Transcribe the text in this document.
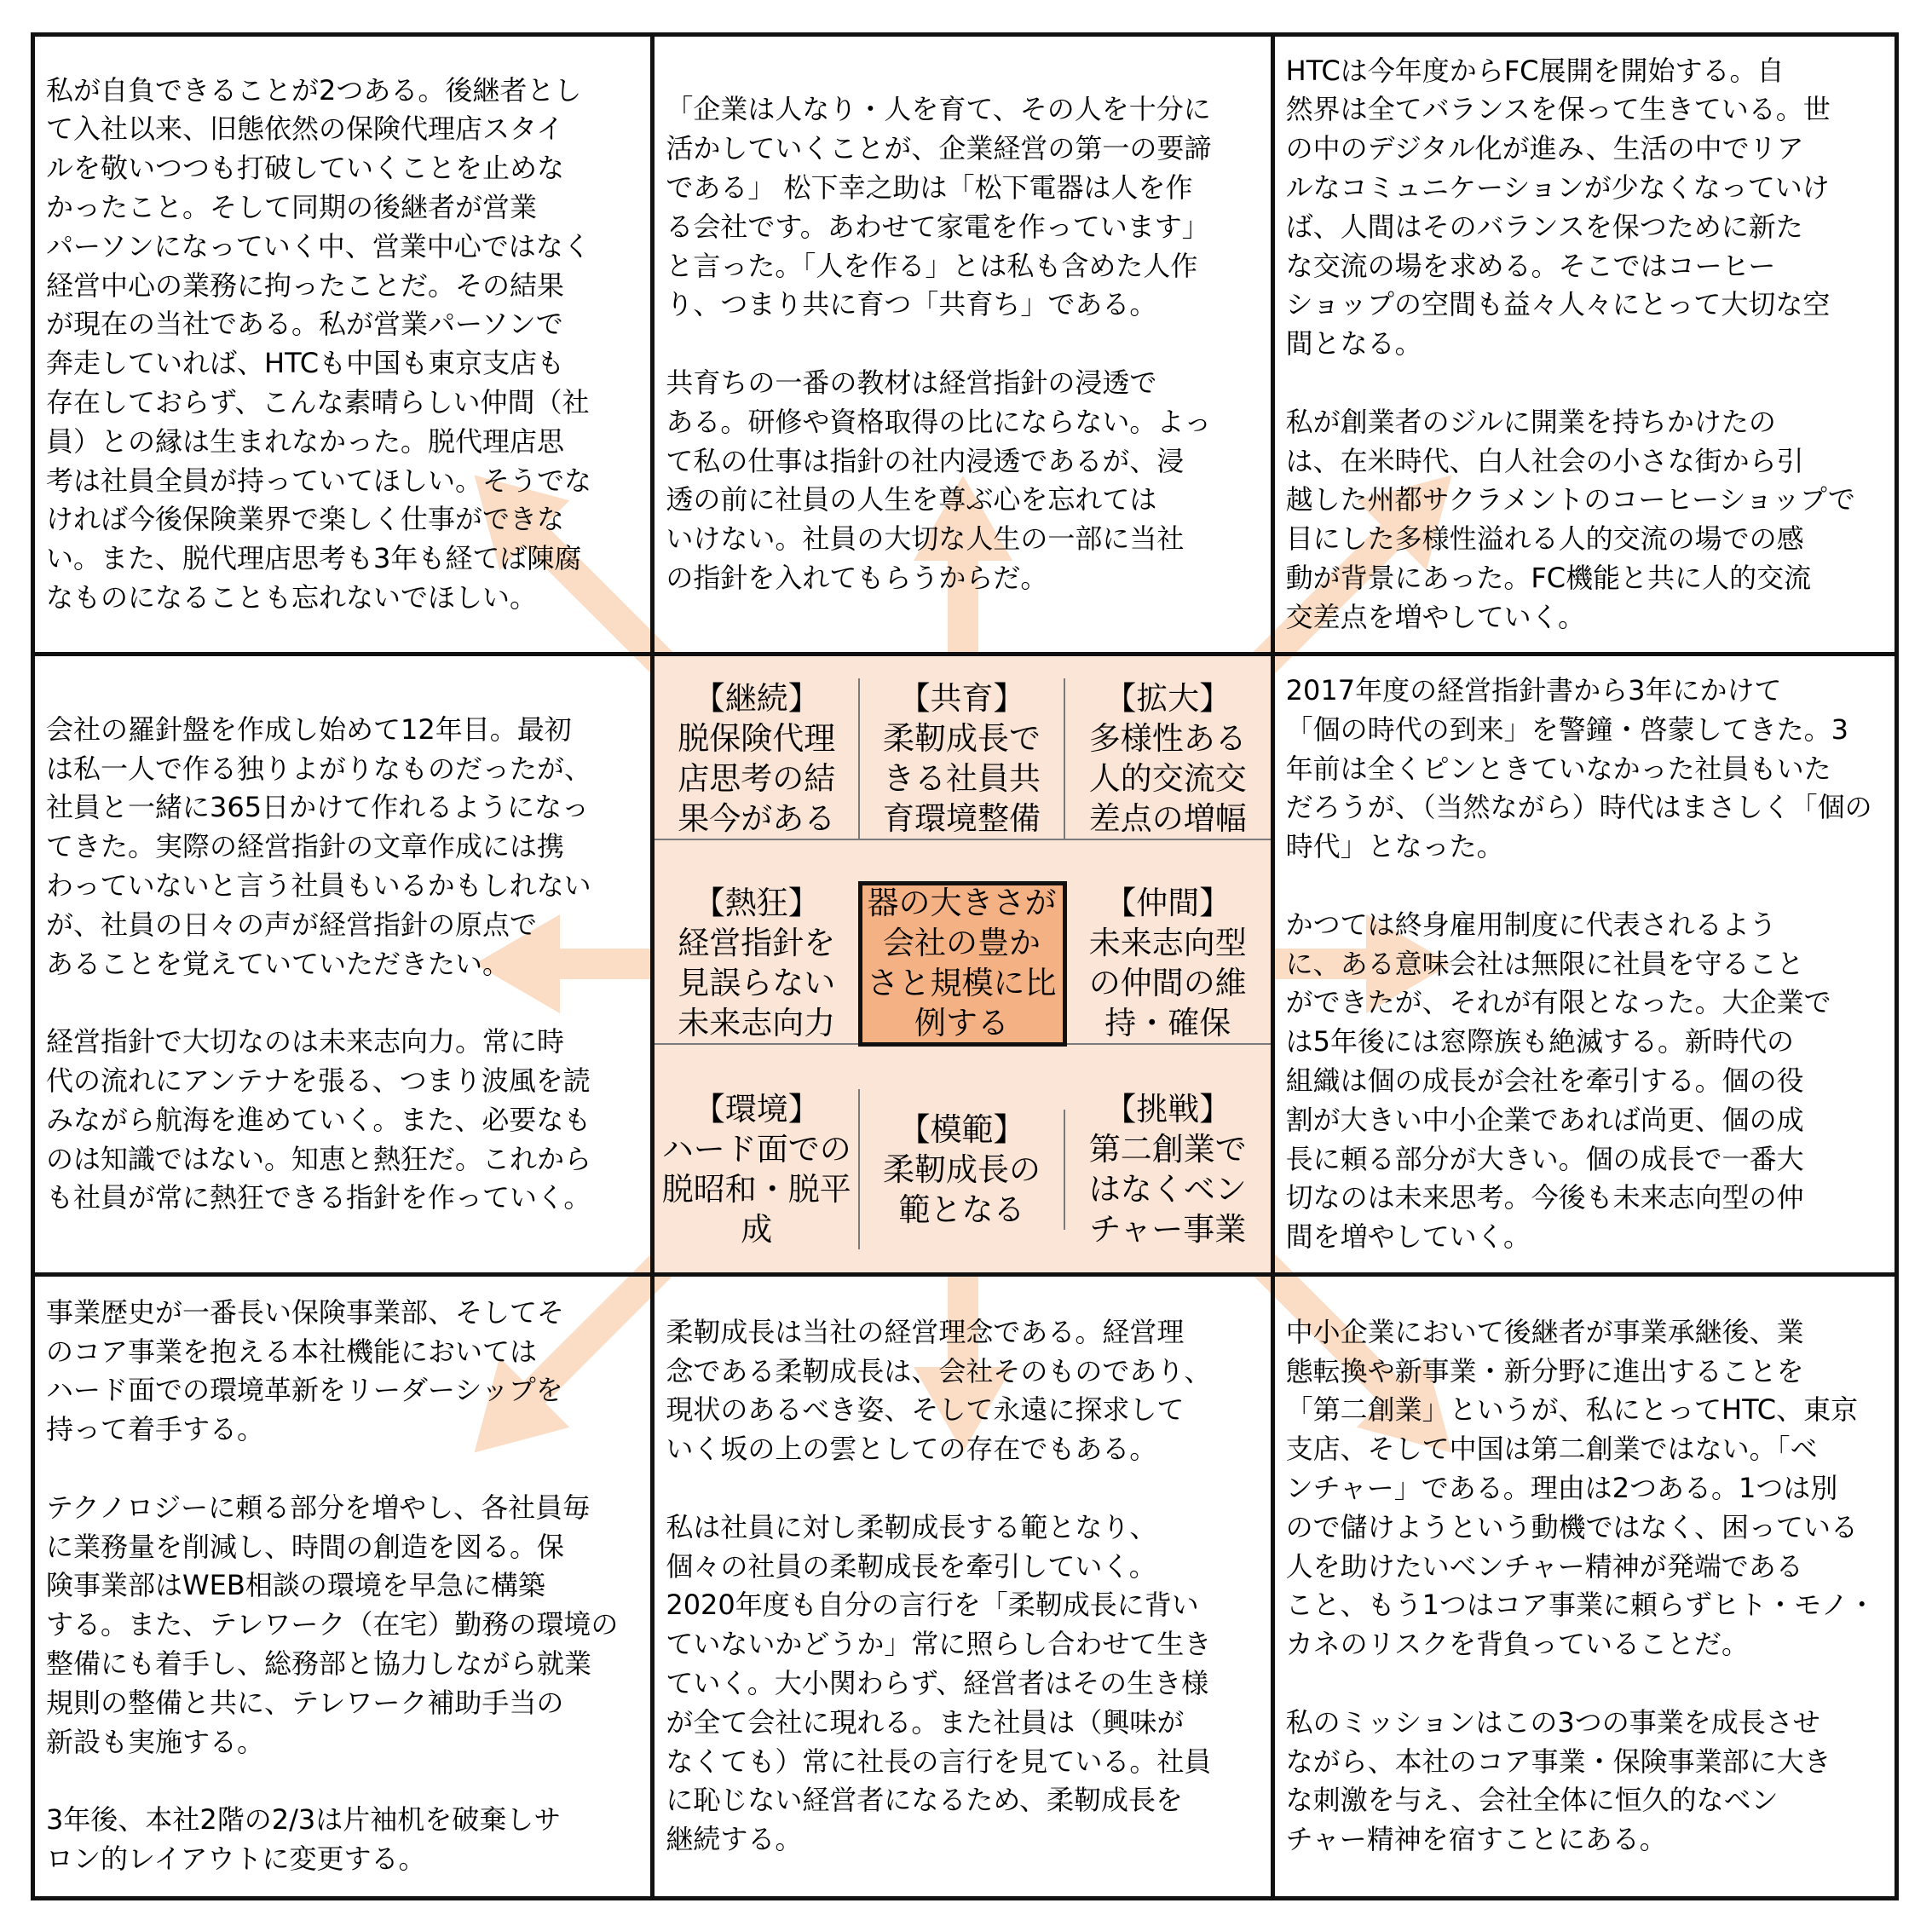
私が自負できることが2つある。後継者とし
て入社以来、旧態依然の保険代理店スタイ
ルを敬いつつも打破していくことを止めな
かったこと。そして同期の後継者が営業
パーソンになっていく中、営業中心ではなく
経営中心の業務に拘ったことだ。その結果
が現在の当社である。私が営業パーソンで
奔走していれば、HTCも中国も東京支店も
存在しておらず、こんな素晴らしい仲間（社
員）との縁は生まれなかった。脱代理店思
考は社員全員が持っていてほしい。そうでな
ければ今後保険業界で楽しく仕事ができな
い。また、脱代理店思考も3年も経てば陳腐
なものになることも忘れないでほしい。
「企業は人なり・人を育て、その人を十分に
活かしていくことが、企業経営の第一の要諦
である」 松下幸之助は「松下電器は人を作
る会社です。あわせて家電を作っています」
と言った。「人を作る」とは私も含めた人作
り、つまり共に育つ「共育ち」である。

共育ちの一番の教材は経営指針の浸透で
ある。研修や資格取得の比にならない。よっ
て私の仕事は指針の社内浸透であるが、浸
透の前に社員の人生を尊ぶ心を忘れては
いけない。社員の大切な人生の一部に当社
の指針を入れてもらうからだ。
HTCは今年度からFC展開を開始する。自
然界は全てバランスを保って生きている。世
の中のデジタル化が進み、生活の中でリア
ルなコミュニケーションが少なくなっていけ
ば、人間はそのバランスを保つために新た
な交流の場を求める。そこではコーヒー
ショップの空間も益々人々にとって大切な空
間となる。

私が創業者のジルに開業を持ちかけたの
は、在米時代、白人社会の小さな街から引
越した州都サクラメントのコーヒーショップで
目にした多様性溢れる人的交流の場での感
動が背景にあった。FC機能と共に人的交流
交差点を増やしていく。
会社の羅針盤を作成し始めて12年目。最初
は私一人で作る独りよがりなものだったが、
社員と一緒に365日かけて作れるようになっ
てきた。実際の経営指針の文章作成には携
わっていないと言う社員もいるかもしれない
が、社員の日々の声が経営指針の原点で
あることを覚えていていただきたい。

経営指針で大切なのは未来志向力。常に時
代の流れにアンテナを張る、つまり波風を読
みながら航海を進めていく。また、必要なも
のは知識ではない。知恵と熱狂だ。これから
も社員が常に熱狂できる指針を作っていく。
【継続】
脱保険代理
店思考の結
果今がある
【共育】
柔靭成長で
きる社員共
育環境整備
【拡大】
多様性ある
人的交流交
差点の増幅
【熱狂】
経営指針を
見誤らない
未来志向力
器の大きさが
会社の豊か
さと規模に比
例する
【仲間】
未来志向型
の仲間の維
持・確保
【環境】
ハード面での
脱昭和・脱平
成
【模範】
柔靭成長の
範となる
【挑戦】
第二創業で
はなくベン
チャー事業
2017年度の経営指針書から3年にかけて
「個の時代の到来」を警鐘・啓蒙してきた。3
年前は全くピンときていなかった社員もいた
だろうが、（当然ながら）時代はまさしく「個の
時代」となった。

かつては終身雇用制度に代表されるよう
に、ある意味会社は無限に社員を守ること
ができたが、それが有限となった。大企業で
は5年後には窓際族も絶滅する。新時代の
組織は個の成長が会社を牽引する。個の役
割が大きい中小企業であれば尚更、個の成
長に頼る部分が大きい。個の成長で一番大
切なのは未来思考。今後も未来志向型の仲
間を増やしていく。
事業歴史が一番長い保険事業部、そしてそ
のコア事業を抱える本社機能においては
ハード面での環境革新をリーダーシップを
持って着手する。

テクノロジーに頼る部分を増やし、各社員毎
に業務量を削減し、時間の創造を図る。保
険事業部はWEB相談の環境を早急に構築
する。また、テレワーク（在宅）勤務の環境の
整備にも着手し、総務部と協力しながら就業
規則の整備と共に、テレワーク補助手当の
新設も実施する。

3年後、本社2階の2/3は片袖机を破棄しサ
ロン的レイアウトに変更する。
柔靭成長は当社の経営理念である。経営理
念である柔靭成長は、会社そのものであり、
現状のあるべき姿、そして永遠に探求して
いく坂の上の雲としての存在でもある。

私は社員に対し柔靭成長する範となり、
個々の社員の柔靭成長を牽引していく。
2020年度も自分の言行を「柔靭成長に背い
ていないかどうか」常に照らし合わせて生き
ていく。大小関わらず、経営者はその生き様
が全て会社に現れる。また社員は（興味が
なくても）常に社長の言行を見ている。社員
に恥じない経営者になるため、柔靭成長を
継続する。
中小企業において後継者が事業承継後、業
態転換や新事業・新分野に進出することを
「第二創業」というが、私にとってHTC、東京
支店、そして中国は第二創業ではない。「ベ
ンチャー」である。理由は2つある。1つは別
ので儲けようという動機ではなく、困っている
人を助けたいベンチャー精神が発端である
こと、もう1つはコア事業に頼らずヒト・モノ・
カネのリスクを背負っていることだ。

私のミッションはこの3つの事業を成長させ
ながら、本社のコア事業・保険事業部に大き
な刺激を与え、会社全体に恒久的なベン
チャー精神を宿すことにある。
